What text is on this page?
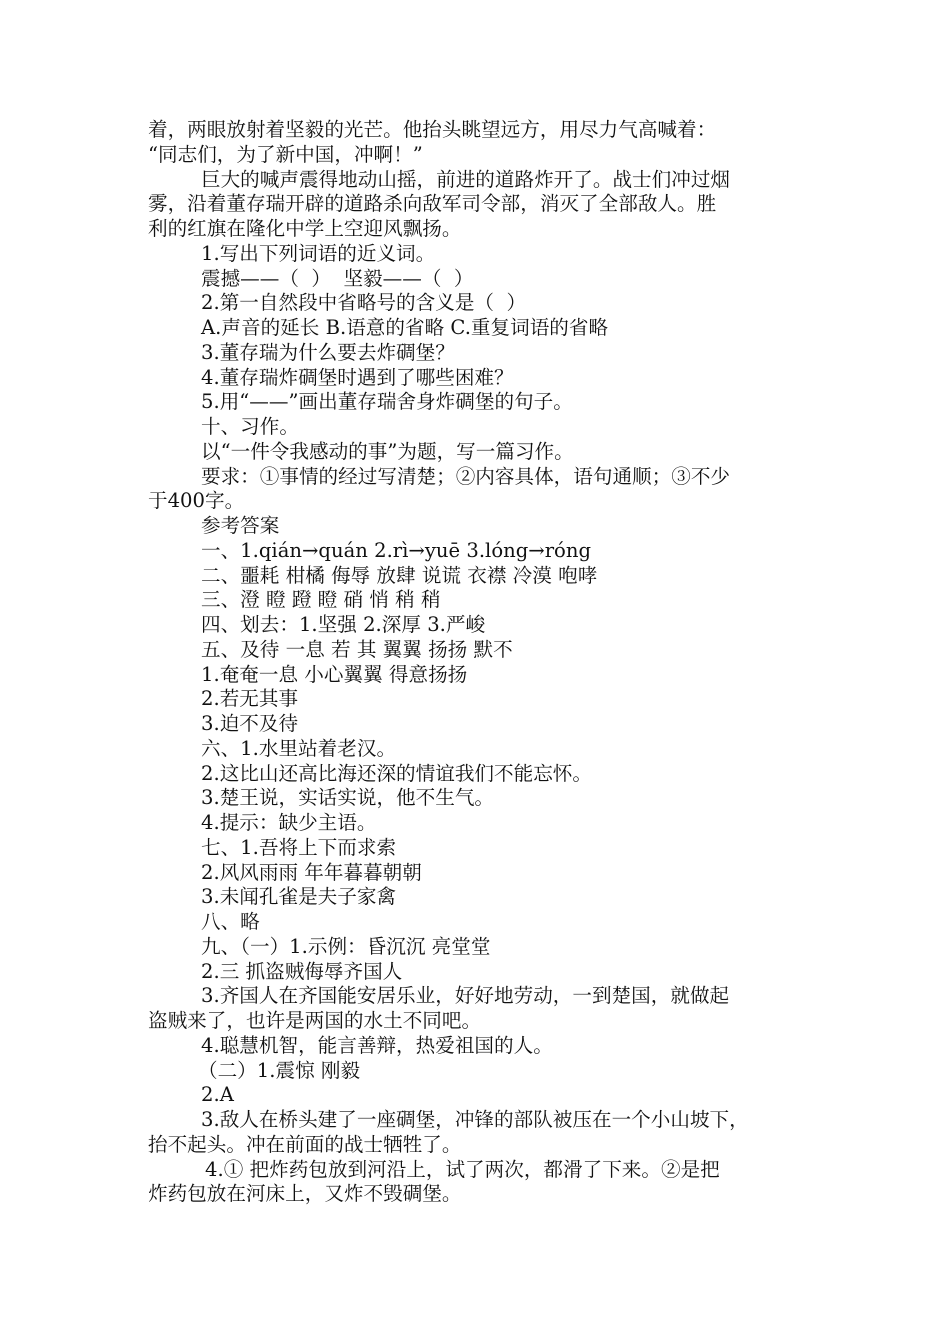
着，两眼放射着坚毅的光芒。他抬头眺望远方，用尽力气高喊着：
“同志们，为了新中国，冲啊！”
巨大的喊声震得地动山摇，前进的道路炸开了。战士们冲过烟
雾，沿着董存瑞开辟的道路杀向敌军司令部，消灭了全部敌人。胜
利的红旗在隆化中学上空迎风飘扬。
1.写出下列词语的近义词。
震撼——（  ）  坚毅——（  ）
2.第一自然段中省略号的含义是（  ）
A.声音的延长 B.语意的省略 C.重复词语的省略
3.董存瑞为什么要去炸碉堡？
4.董存瑞炸碉堡时遇到了哪些困难？
5.用“——”画出董存瑞舍身炸碉堡的句子。
十、习作。
以“一件令我感动的事”为题，写一篇习作。
要求：①事情的经过写清楚；②内容具体，语句通顺；③不少
于400字。
参考答案
一、1.qián→quán 2.rì→yuē 3.lóng→róng
二、噩耗 柑橘 侮辱 放肆 说谎 衣襟 冷漠 咆哮
三、澄 瞪 蹬 瞪 硝 悄 稍 稍
四、划去：1.坚强 2.深厚 3.严峻
五、及待 一息 若 其 翼翼 扬扬 默不
1.奄奄一息 小心翼翼 得意扬扬
2.若无其事
3.迫不及待
六、1.水里站着老汉。
2.这比山还高比海还深的情谊我们不能忘怀。
3.楚王说，实话实说，他不生气。
4.提示：缺少主语。
七、1.吾将上下而求索
2.风风雨雨 年年暮暮朝朝
3.未闻孔雀是夫子家禽
八、略
九、（一）1.示例：昏沉沉 亮堂堂
2.三 抓盗贼侮辱齐国人
3.齐国人在齐国能安居乐业，好好地劳动，一到楚国，就做起
盗贼来了，也许是两国的水土不同吧。
4.聪慧机智，能言善辩，热爱祖国的人。
（二）1.震惊 刚毅
2.A
3.敌人在桥头建了一座碉堡，冲锋的部队被压在一个小山坡下，
抬不起头。冲在前面的战士牺牲了。
4.① 把炸药包放到河沿上，试了两次，都滑了下来。②是把
炸药包放在河床上，又炸不毁碉堡。
